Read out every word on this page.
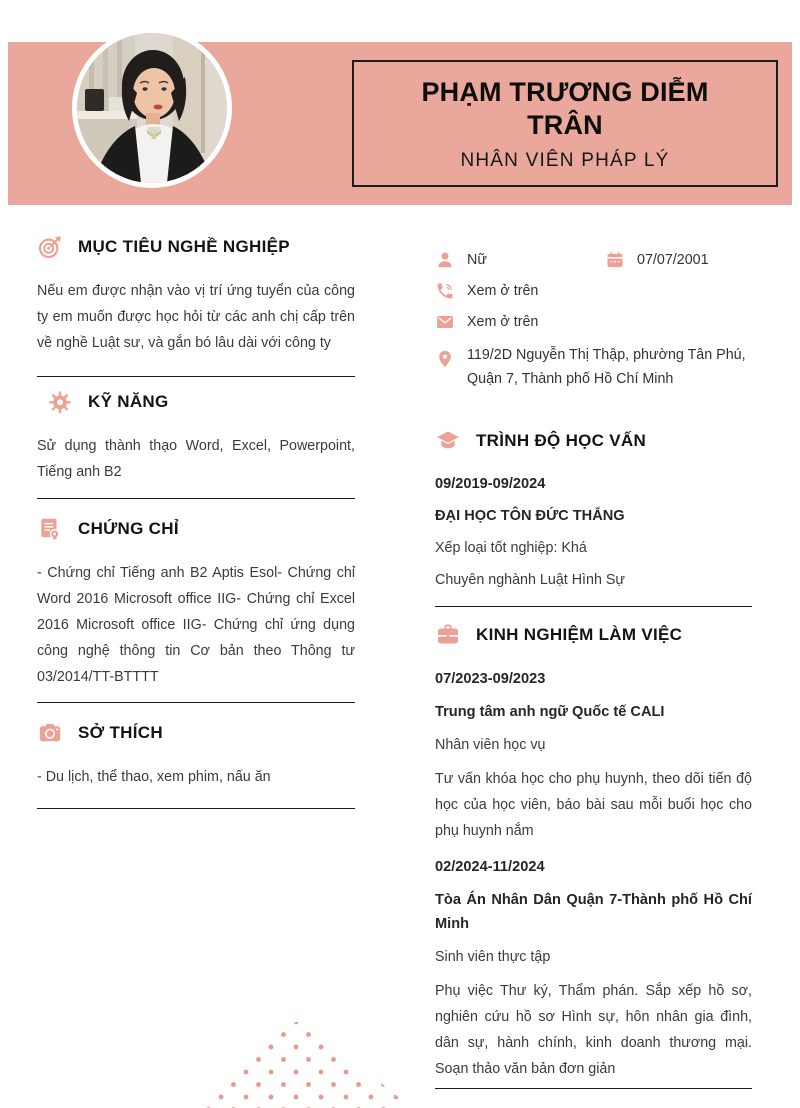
PHẠM TRƯƠNG DIỄM TRÂN
NHÂN VIÊN PHÁP LÝ
MỤC TIÊU NGHỀ NGHIỆP

Nếu em được nhận vào vị trí ứng tuyển của công ty em muốn được học hỏi từ các anh chị cấp trên về nghề Luật sư, và gắn bó lâu dài với công ty

KỸ NĂNG

Sử dụng thành thạo Word, Excel, Powerpoint, Tiếng anh B2

CHỨNG CHỈ

- Chứng chỉ Tiếng anh B2 Aptis Esol- Chứng chỉ Word 2016 Microsoft office IIG- Chứng chỉ Excel 2016 Microsoft office IIG- Chứng chỉ ứng dụng công nghệ thông tin Cơ bản theo Thông tư 03/2014/TT-BTTTT

SỞ THÍCH

- Du lịch, thể thao, xem phim, nấu ăn

Nữ	07/07/2001
Xem ở trên
Xem ở trên
119/2D Nguyễn Thị Thập, phường Tân Phú, Quận 7, Thành phố Hồ Chí Minh
TRÌNH ĐỘ HỌC VẤN

09/2019-09/2024

ĐẠI HỌC TÔN ĐỨC THẮNG

Xếp loại tốt nghiệp: Khá

Chuyên nghành Luật Hình Sự

KINH NGHIỆM LÀM VIỆC

07/2023-09/2023

Trung tâm anh ngữ Quốc tế CALI

Nhân viên học vụ

Tư vấn khóa học cho phụ huynh, theo dõi tiến độ học của học viên, báo bài sau mỗi buổi học cho phụ huynh nắm

02/2024-11/2024

Tòa Án Nhân Dân Quận 7-Thành phố Hồ Chí Minh

Sinh viên thực tập

Phụ việc Thư ký, Thẩm phán. Sắp xếp hồ sơ, nghiên cứu hồ sơ Hình sự, hôn nhân gia đình, dân sự, hành chính, kinh doanh thương mại. Soạn thảo văn bản đơn giản
